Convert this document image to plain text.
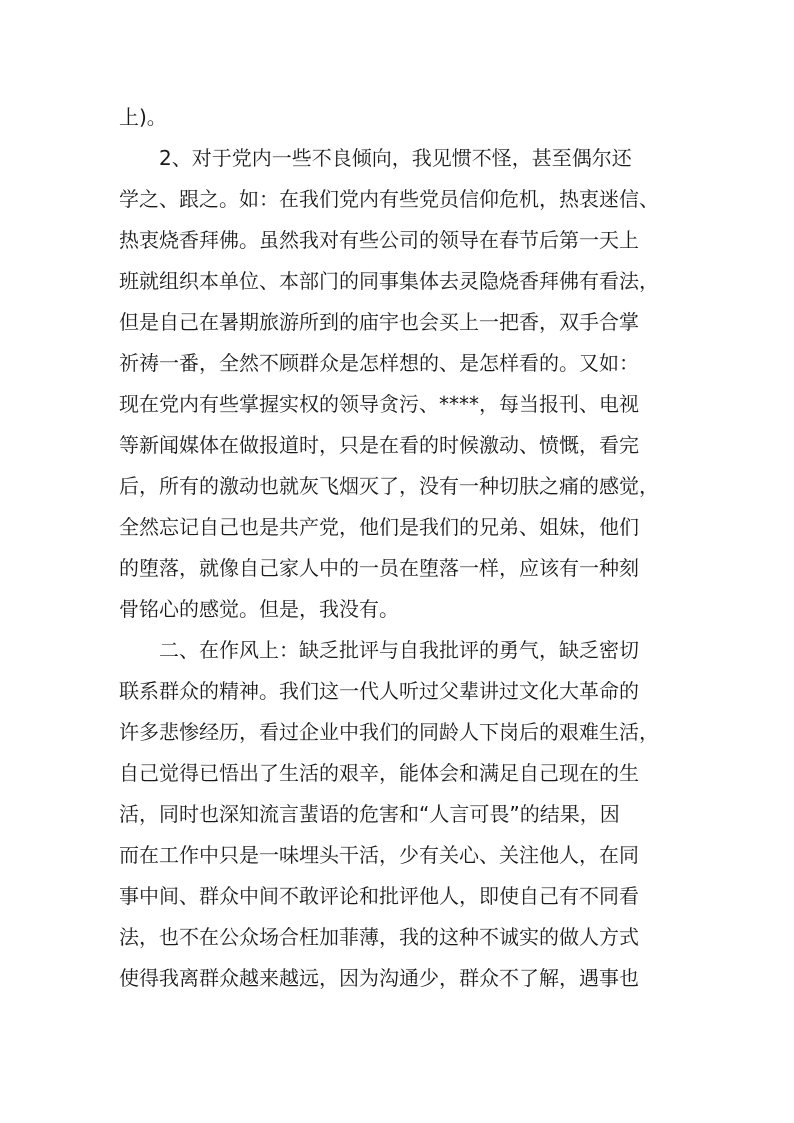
上)。
　　2、对于党内一些不良倾向，我见惯不怪，甚至偶尔还
学之、跟之。如：在我们党内有些党员信仰危机，热衷迷信、
热衷烧香拜佛。虽然我对有些公司的领导在春节后第一天上
班就组织本单位、本部门的同事集体去灵隐烧香拜佛有看法，
但是自己在暑期旅游所到的庙宇也会买上一把香，双手合掌
祈祷一番，全然不顾群众是怎样想的、是怎样看的。又如：
现在党内有些掌握实权的领导贪污、****，每当报刊、电视
等新闻媒体在做报道时，只是在看的时候激动、愤慨，看完
后，所有的激动也就灰飞烟灭了，没有一种切肤之痛的感觉，
全然忘记自己也是共产党，他们是我们的兄弟、姐妹，他们
的堕落，就像自己家人中的一员在堕落一样，应该有一种刻
骨铭心的感觉。但是，我没有。
　　二、在作风上：缺乏批评与自我批评的勇气，缺乏密切
联系群众的精神。我们这一代人听过父辈讲过文化大革命的
许多悲惨经历，看过企业中我们的同龄人下岗后的艰难生活，
自己觉得已悟出了生活的艰辛，能体会和满足自己现在的生
活，同时也深知流言蜚语的危害和“人言可畏”的结果，因
而在工作中只是一味埋头干活，少有关心、关注他人，在同
事中间、群众中间不敢评论和批评他人，即使自己有不同看
法，也不在公众场合枉加菲薄，我的这种不诚实的做人方式
使得我离群众越来越远，因为沟通少，群众不了解，遇事也
